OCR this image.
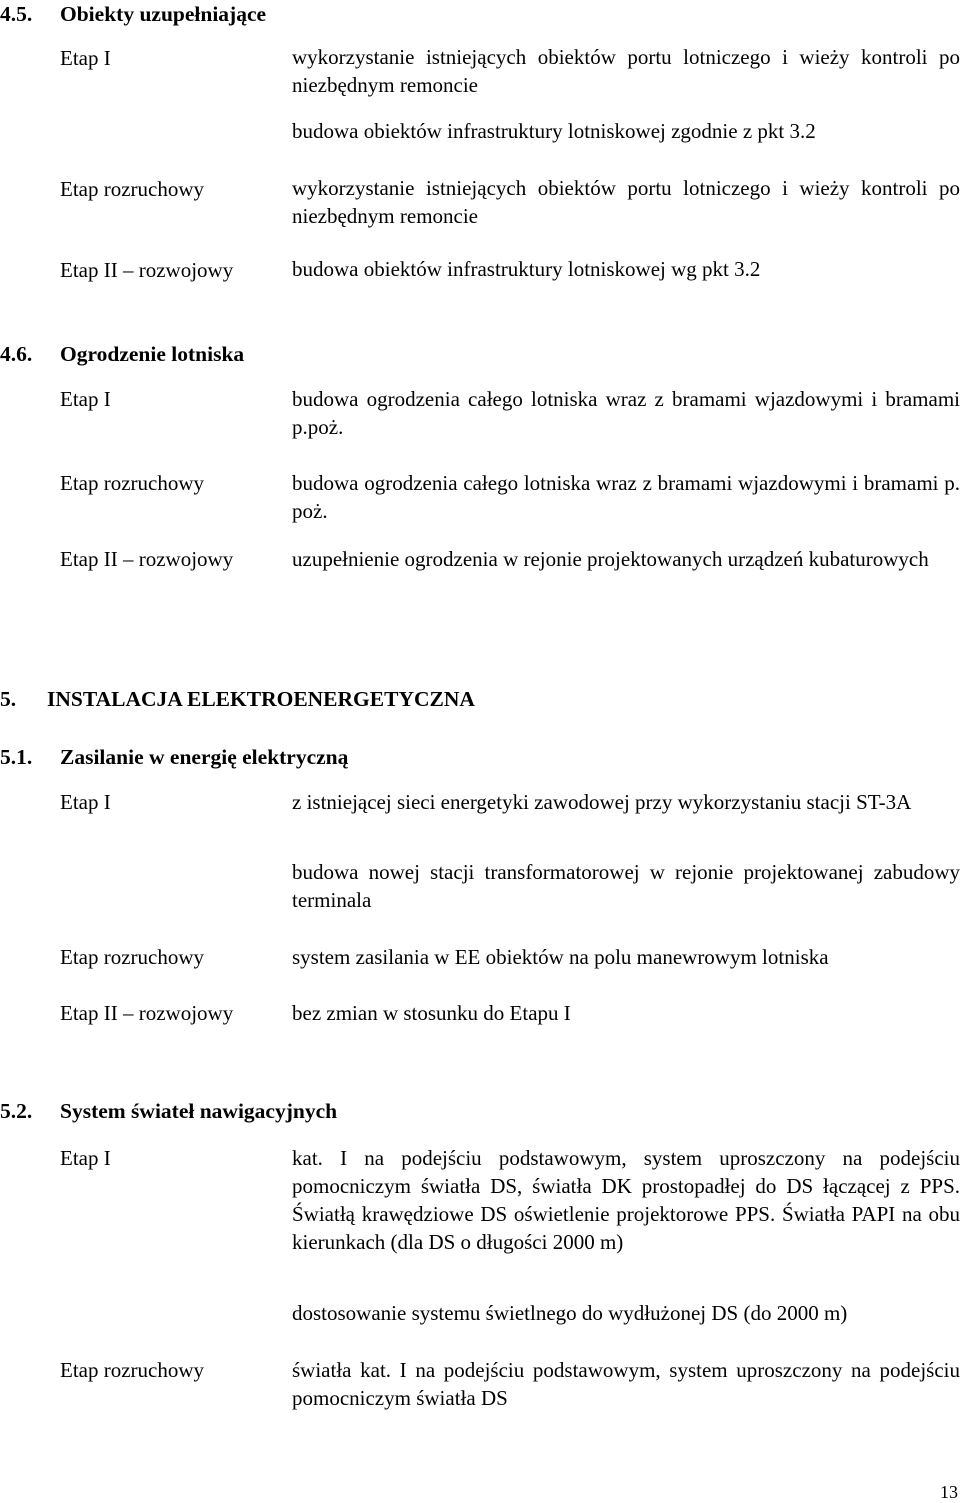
4.5. Obiekty uzupełniające
Etap I	wykorzystanie istniejących obiektów portu lotniczego i wieży kontroli po niezbędnym remoncie
budowa obiektów infrastruktury lotniskowej zgodnie z pkt 3.2
Etap rozruchowy	wykorzystanie istniejących obiektów portu lotniczego i wieży kontroli po niezbędnym remoncie
Etap II – rozwojowy	budowa obiektów infrastruktury lotniskowej wg pkt 3.2
4.6. Ogrodzenie lotniska
Etap I	budowa ogrodzenia całego lotniska wraz z bramami wjazdowymi i bramami p.poż.
Etap rozruchowy	budowa ogrodzenia całego lotniska wraz z bramami wjazdowymi i bramami p. poż.
Etap II – rozwojowy	uzupełnienie ogrodzenia w rejonie projektowanych urządzeń kubaturowych
5. INSTALACJA ELEKTROENERGETYCZNA
5.1. Zasilanie w energię elektryczną
Etap I	z istniejącej sieci energetyki zawodowej przy wykorzystaniu stacji ST-3A
budowa nowej stacji transformatorowej w rejonie projektowanej zabudowy terminala
Etap rozruchowy	system zasilania w EE obiektów na polu manewrowym lotniska
Etap II – rozwojowy	bez zmian w stosunku do Etapu I
5.2. System świateł nawigacyjnych
Etap I	kat. I na podejściu podstawowym, system uproszczony na podejściu pomocniczym światła DS, światła DK prostopadłej do DS łączącej z PPS. Światłą krawędziowe DS oświetlenie projektorowe PPS. Światła PAPI na obu kierunkach (dla DS o długości 2000 m)
dostosowanie systemu świetlnego do wydłużonej DS (do 2000 m)
Etap rozruchowy	światła kat. I na podejściu podstawowym, system uproszczony na podejściu pomocniczym światła DS
13
